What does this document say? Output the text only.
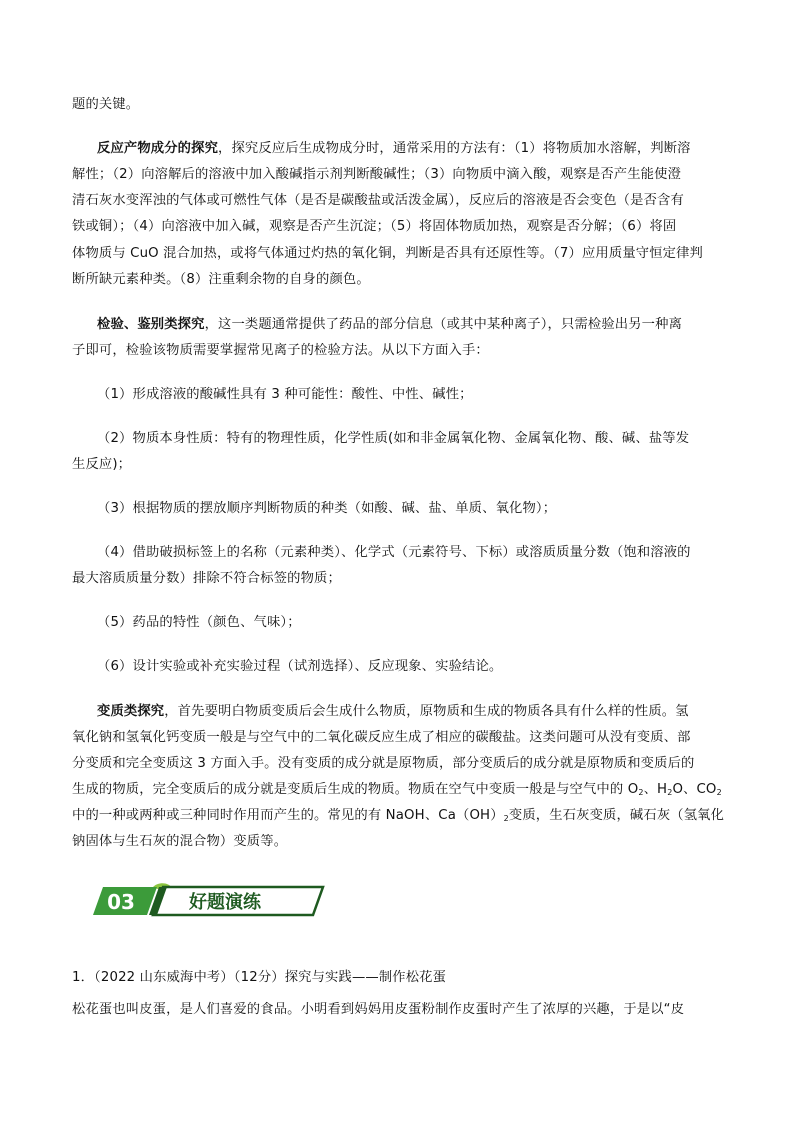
题的关键。
反应产物成分的探究，探究反应后生成物成分时，通常采用的方法有：（1）将物质加水溶解，判断溶
解性；（2）向溶解后的溶液中加入酸碱指示剂判断酸碱性；（3）向物质中滴入酸，观察是否产生能使澄
清石灰水变浑浊的气体或可燃性气体（是否是碳酸盐或活泼金属），反应后的溶液是否会变色（是否含有
铁或铜）；（4）向溶液中加入碱，观察是否产生沉淀；（5）将固体物质加热，观察是否分解；（6）将固
体物质与 CuO 混合加热，或将气体通过灼热的氧化铜，判断是否具有还原性等。（7）应用质量守恒定律判
断所缺元素种类。（8）注重剩余物的自身的颜色。
检验、鉴别类探究，这一类题通常提供了药品的部分信息（或其中某种离子），只需检验出另一种离
子即可，检验该物质需要掌握常见离子的检验方法。从以下方面入手：
（1）形成溶液的酸碱性具有 3 种可能性：酸性、中性、碱性；
（2）物质本身性质：特有的物理性质，化学性质(如和非金属氧化物、金属氧化物、酸、碱、盐等发
生反应)；
（3）根据物质的摆放顺序判断物质的种类（如酸、碱、盐、单质、氧化物）；
（4）借助破损标签上的名称（元素种类）、化学式（元素符号、下标）或溶质质量分数（饱和溶液的
最大溶质质量分数）排除不符合标签的物质；
（5）药品的特性（颜色、气味）；
（6）设计实验或补充实验过程（试剂选择）、反应现象、实验结论。
变质类探究，首先要明白物质变质后会生成什么物质，原物质和生成的物质各具有什么样的性质。氢
氧化钠和氢氧化钙变质一般是与空气中的二氧化碳反应生成了相应的碳酸盐。这类问题可从没有变质、部
分变质和完全变质这 3 方面入手。没有变质的成分就是原物质，部分变质后的成分就是原物质和变质后的
生成的物质，完全变质后的成分就是变质后生成的物质。物质在空气中变质一般是与空气中的 $O_2$、$H_2O$、$CO_2$
中的一种或两种或三种同时作用而产生的。常见的有 NaOH、$Ca(OH)_2$变质，生石灰变质，碱石灰（氢氧化
钠固体与生石灰的混合物）变质等。
03	好题演练
1．（2022 山东威海中考）（12分）探究与实践——制作松花蛋
松花蛋也叫皮蛋，是人们喜爱的食品。小明看到妈妈用皮蛋粉制作皮蛋时产生了浓厚的兴趣，于是以“皮
